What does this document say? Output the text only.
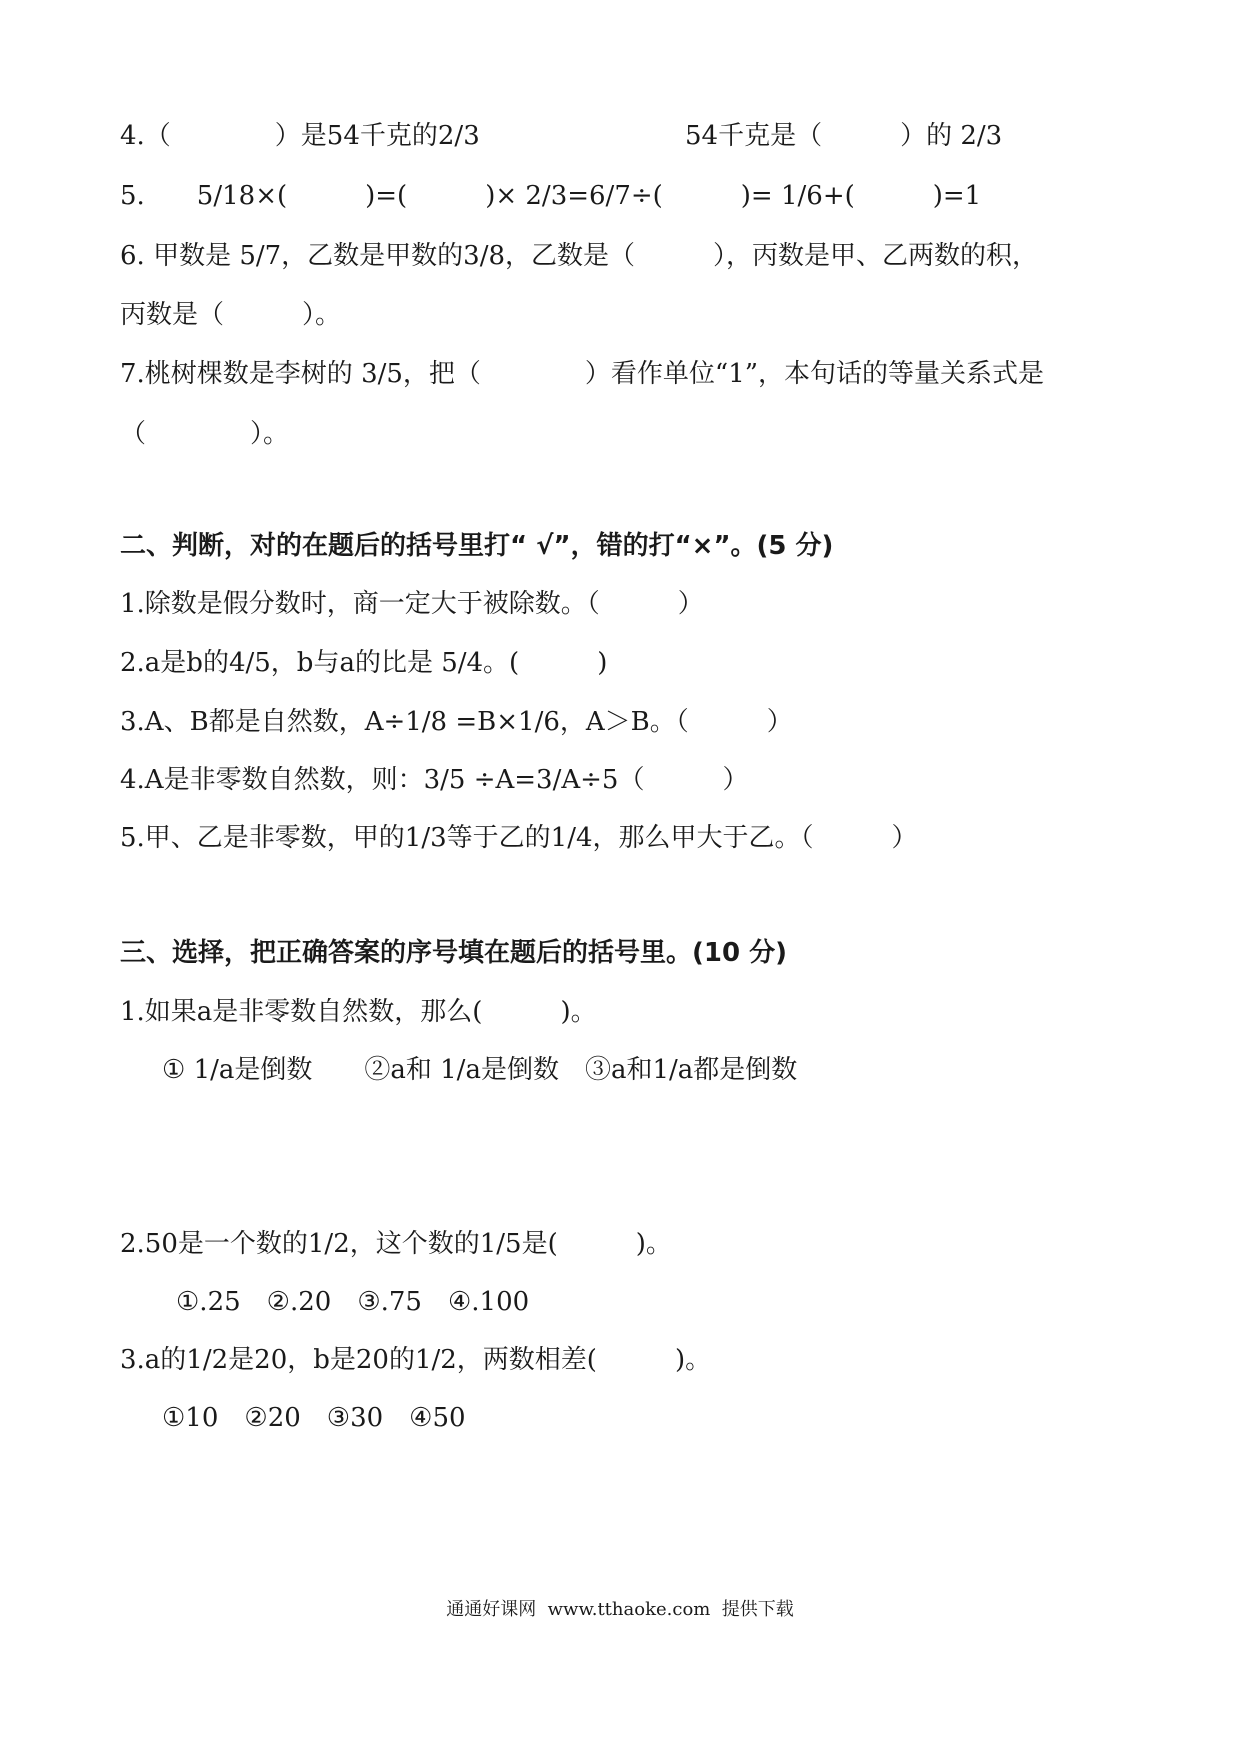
4.（　　　　）是54千克的2/3	54千克是（　　　）的 2/3
5.　　5/18×(　　　)=(　　　)× 2/3=6/7÷(　　　)= 1/6+(　　　)=1
6. 甲数是 5/7，乙数是甲数的3/8，乙数是（　　　），丙数是甲、乙两数的积，
丙数是（　　　）。
7.桃树棵数是李树的 3/5，把（　　　　）看作单位“1”，本句话的等量关系式是
（　　　　）。
二、判断，对的在题后的括号里打“ √”，错的打“×”。(5 分)
1.除数是假分数时，商一定大于被除数。（　　　）
2.a是b的4/5，b与a的比是 5/4。(　　　)
3.A、B都是自然数，A÷1/8 =B×1/6，A＞B。（　　　）
4.A是非零数自然数，则：3/5 ÷A=3/A÷5（　　　）
5.甲、乙是非零数，甲的1/3等于乙的1/4，那么甲大于乙。（　　　）
三、选择，把正确答案的序号填在题后的括号里。(10 分)
1.如果a是非零数自然数，那么(　　　)。
① 1/a是倒数　　②a和 1/a是倒数　③a和1/a都是倒数
2.50是一个数的1/2，这个数的1/5是(　　　)。
①.25　②.20　③.75　④.100
3.a的1/2是20，b是20的1/2，两数相差(　　　)。
①10　②20　③30　④50
通通好课网  www.tthaoke.com  提供下载
